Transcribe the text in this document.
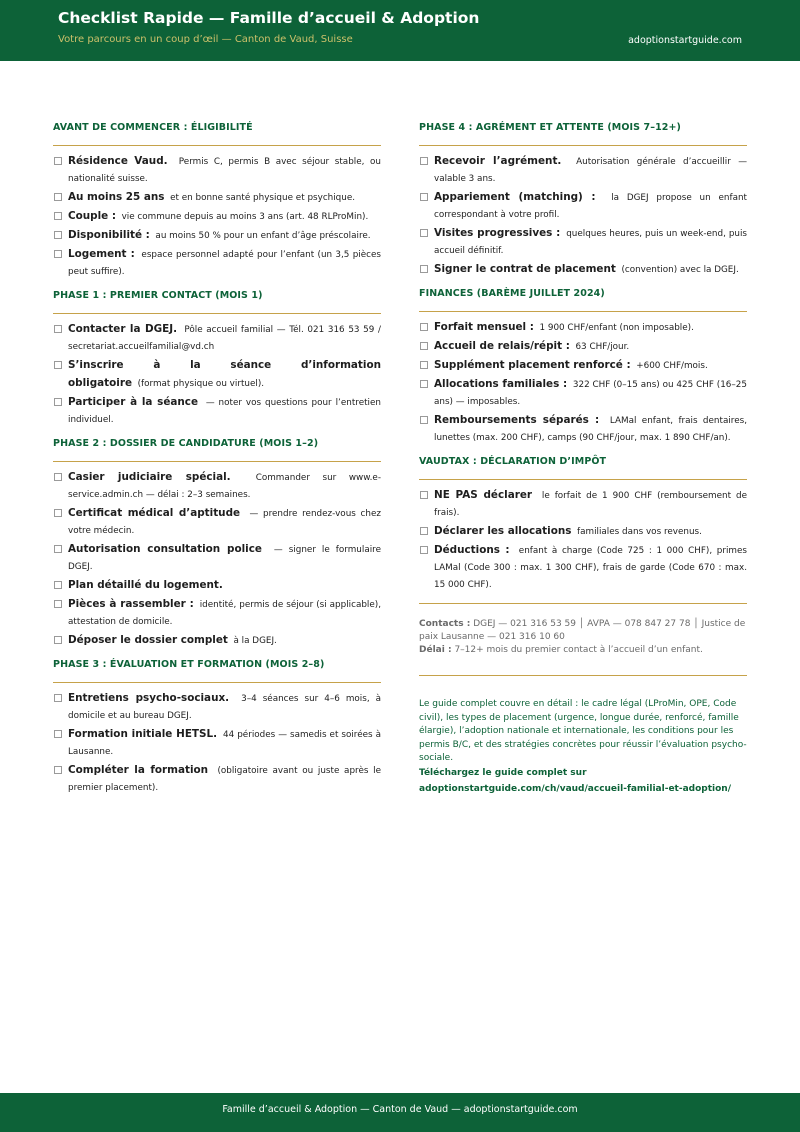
Checklist Rapide — Famille d’accueil & Adoption
Votre parcours en un coup d’œil — Canton de Vaud, Suisse	adoptionstartguide.com
AVANT DE COMMENCER : ÉLIGIBILITÉ
Résidence Vaud. Permis C, permis B avec séjour stable, ou nationalité suisse.
Au moins 25 ans et en bonne santé physique et psychique.
Couple : vie commune depuis au moins 3 ans (art. 48 RLProMin).
Disponibilité : au moins 50 % pour un enfant d’âge préscolaire.
Logement : espace personnel adapté pour l’enfant (un 3,5 pièces peut suffire).
PHASE 1 : PREMIER CONTACT (MOIS 1)
Contacter la DGEJ. Pôle accueil familial — Tél. 021 316 53 59 / secretariat.accueilfamilial@vd.ch
S’inscrire à la séance d’information obligatoire (format physique ou virtuel).
Participer à la séance — noter vos questions pour l’entretien individuel.
PHASE 2 : DOSSIER DE CANDIDATURE (MOIS 1–2)
Casier judiciaire spécial.	Commander sur www.e-service.admin.ch — délai : 2–3 semaines.
Certificat médical d’aptitude — prendre rendez-vous chez votre médecin.
Autorisation consultation police — signer le formulaire DGEJ.
Plan détaillé du logement.
Pièces à rassembler : identité, permis de séjour (si applicable), attestation de domicile.
Déposer le dossier complet à la DGEJ.
PHASE 3 : ÉVALUATION ET FORMATION (MOIS 2–8)
Entretiens psycho-sociaux. 3–4 séances sur 4–6 mois, à domicile et au bureau DGEJ.
Formation initiale HETSL. 44 périodes — samedis et soirées à Lausanne.
Compléter la formation (obligatoire avant ou juste après le premier placement).
PHASE 4 : AGRÉMENT ET ATTENTE (MOIS 7–12+)
Recevoir l’agrément. Autorisation générale d’accueillir — valable 3 ans.
Appariement (matching) : la DGEJ propose un enfant correspondant à votre profil.
Visites progressives : quelques heures, puis un week-end, puis accueil définitif.
Signer le contrat de placement (convention) avec la DGEJ.
FINANCES (BARÈME JUILLET 2024)
Forfait mensuel : 1 900 CHF/enfant (non imposable).
Accueil de relais/répit : 63 CHF/jour.
Supplément placement renforcé : +600 CHF/mois.
Allocations familiales : 322 CHF (0–15 ans) ou 425 CHF (16–25 ans) — imposables.
Remboursements séparés : LAMal enfant, frais dentaires, lunettes (max. 200 CHF), camps (90 CHF/jour, max. 1 890 CHF/an).
VAUDTAX : DÉCLARATION D’IMPÔT
NE PAS déclarer le forfait de 1 900 CHF (remboursement de frais).
Déclarer les allocations familiales dans vos revenus.
Déductions : enfant à charge (Code 725 : 1 000 CHF), primes LAMal (Code 300 : max. 1 300 CHF), frais de garde (Code 670 : max. 15 000 CHF).
Contacts : DGEJ — 021 316 53 59 │ AVPA — 078 847 27 78 │ Justice de paix Lausanne — 021 316 10 60
Délai : 7–12+ mois du premier contact à l’accueil d’un enfant.
Le guide complet couvre en détail : le cadre légal (LProMin, OPE, Code civil), les types de placement (urgence, longue durée, renforcé, famille élargie), l’adoption nationale et internationale, les conditions pour les permis B/C, et des stratégies concrètes pour réussir l’évaluation psycho-sociale.
Téléchargez le guide complet sur
adoptionstartguide.com/ch/vaud/accueil-familial-et-adoption/
Famille d’accueil & Adoption — Canton de Vaud — adoptionstartguide.com
